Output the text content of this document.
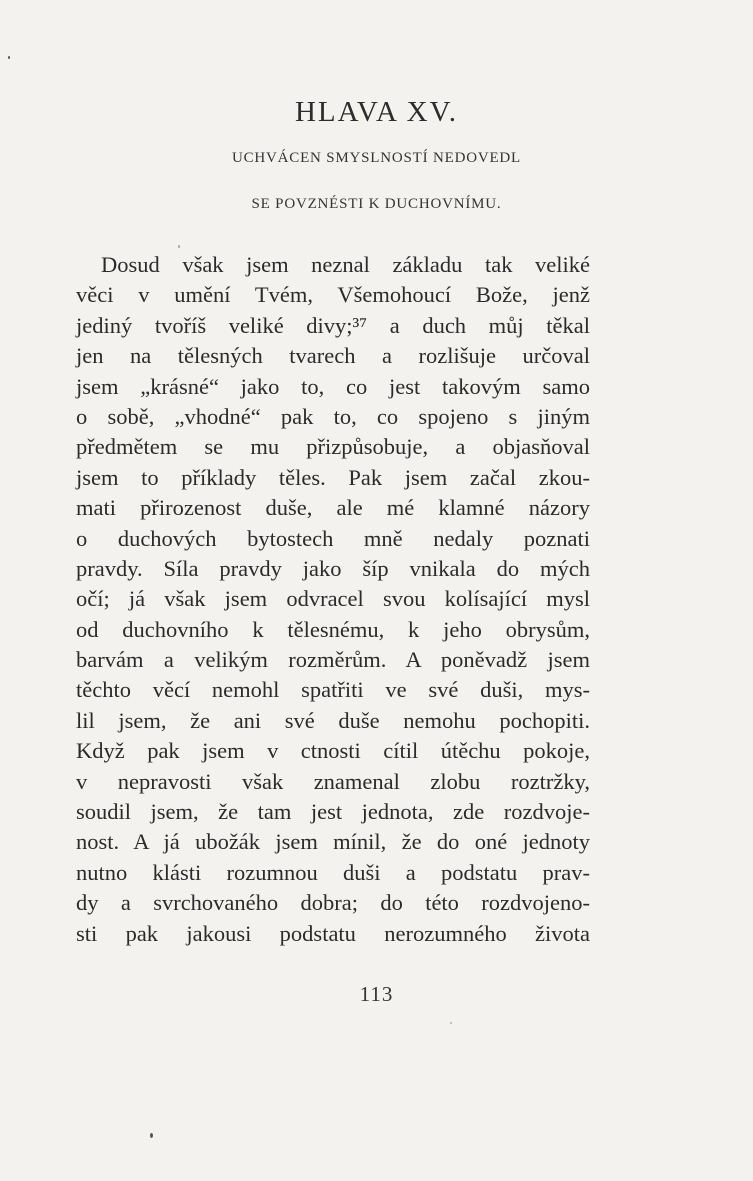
HLAVA XV.

UCHVÁCEN SMYSLNOSTÍ NEDOVEDL

SE POVZNÉSTI K DUCHOVNÍMU.

Dosud však jsem neznal základu tak veliké
věci v umění Tvém, Všemohoucí Bože, jenž
jediný tvoříš veliké divy;³⁷ a duch můj těkal
jen na tělesných tvarech a rozlišuje určoval
jsem „krásné“ jako to, co jest takovým samo
o sobě, „vhodné“ pak to, co spojeno s jiným
předmětem se mu přizpůsobuje, a objasňoval
jsem to příklady těles. Pak jsem začal zkou-
mati přirozenost duše, ale mé klamné názory
o duchových bytostech mně nedaly poznati
pravdy. Síla pravdy jako šíp vnikala do mých
očí; já však jsem odvracel svou kolísající mysl
od duchovního k tělesnému, k jeho obrysům,
barvám a velikým rozměrům. A poněvadž jsem
těchto věcí nemohl spatřiti ve své duši, mys-
lil jsem, že ani své duše nemohu pochopiti.
Když pak jsem v ctnosti cítil útěchu pokoje,
v nepravosti však znamenal zlobu roztržky,
soudil jsem, že tam jest jednota, zde rozdvoje-
nost. A já ubožák jsem mínil, že do oné jednoty
nutno klásti rozumnou duši a podstatu prav-
dy a svrchovaného dobra; do této rozdvojeno-
sti pak jakousi podstatu nerozumného života
113
